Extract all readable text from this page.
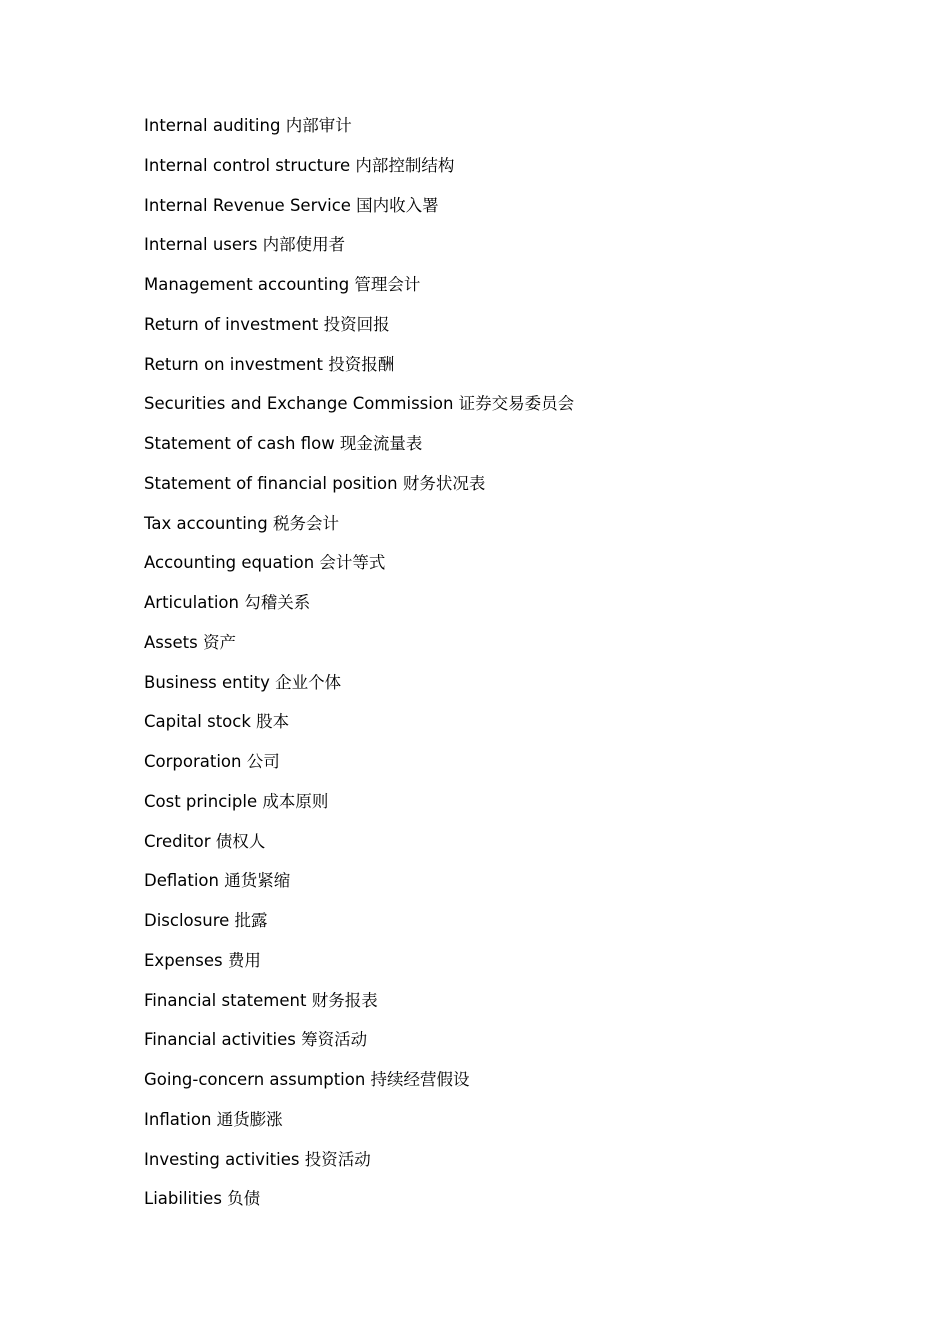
Internal auditing 内部审计
Internal control structure 内部控制结构
Internal Revenue Service 国内收入署
Internal users 内部使用者
Management accounting 管理会计
Return of investment 投资回报
Return on investment 投资报酬
Securities and Exchange Commission 证券交易委员会
Statement of cash flow 现金流量表
Statement of financial position 财务状况表
Tax accounting 税务会计
Accounting equation 会计等式
Articulation 勾稽关系
Assets 资产
Business entity 企业个体
Capital stock 股本
Corporation 公司
Cost principle 成本原则
Creditor 债权人
Deflation 通货紧缩
Disclosure 批露
Expenses 费用
Financial statement 财务报表
Financial activities 筹资活动
Going-concern assumption 持续经营假设
Inflation 通货膨涨
Investing activities 投资活动
Liabilities 负债
